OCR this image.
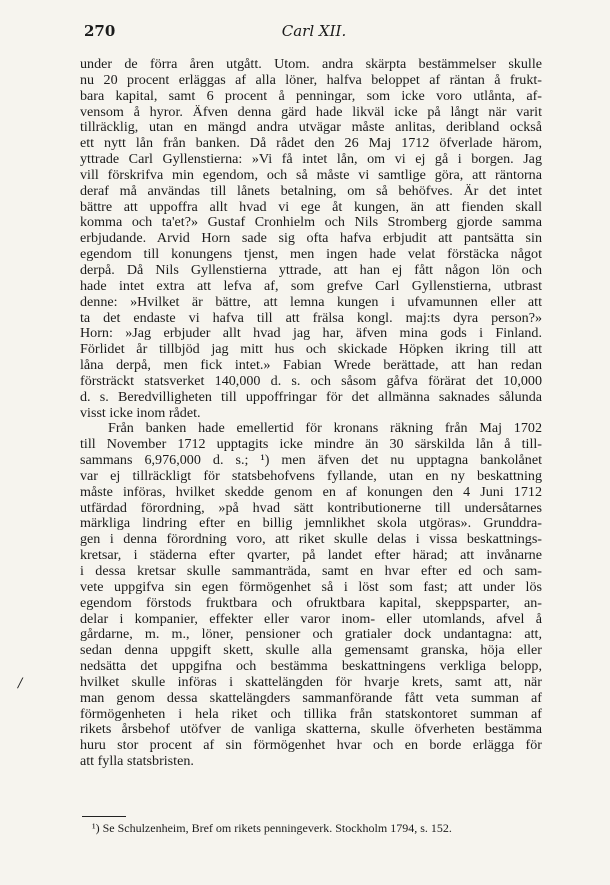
270	Carl XII.
/
under de förra åren utgått. Utom. andra skärpta bestämmelser skulle
nu 20 procent erläggas af alla löner, halfva beloppet af räntan å frukt-
bara kapital, samt 6 procent å penningar, som icke voro utlånta, af-
vensom å hyror. Äfven denna gärd hade likväl icke på långt när varit
tillräcklig, utan en mängd andra utvägar måste anlitas, deribland också
ett nytt lån från banken. Då rådet den 26 Maj 1712 öfverlade härom,
yttrade Carl Gyllenstierna: »Vi få intet lån, om vi ej gå i borgen. Jag
vill förskrifva min egendom, och så måste vi samtlige göra, att räntorna
deraf må användas till lånets betalning, om så behöfves. Är det intet
bättre att uppoffra allt hvad vi ege åt kungen, än att fienden skall
komma och ta'et?» Gustaf Cronhielm och Nils Stromberg gjorde samma
erbjudande. Arvid Horn sade sig ofta hafva erbjudit att pantsätta sin
egendom till konungens tjenst, men ingen hade velat förstäcka något
derpå. Då Nils Gyllenstierna yttrade, att han ej fått någon lön och
hade intet extra att lefva af, som grefve Carl Gyllenstierna, utbrast
denne: »Hvilket är bättre, att lemna kungen i ufvamunnen eller att
ta det endaste vi hafva till att frälsa kongl. maj:ts dyra person?»
Horn: »Jag erbjuder allt hvad jag har, äfven mina gods i Finland.
Förlidet år tillbjöd jag mitt hus och skickade Höpken ikring till att
låna derpå, men fick intet.» Fabian Wrede berättade, att han redan
försträckt statsverket 140,000 d. s. och såsom gåfva förärat det 10,000
d. s. Beredvilligheten till uppoffringar för det allmänna saknades sålunda
visst icke inom rådet.
Från banken hade emellertid för kronans räkning från Maj 1702
till November 1712 upptagits icke mindre än 30 särskilda lån å till-
sammans 6,976,000 d. s.; ¹) men äfven det nu upptagna bankolånet
var ej tillräckligt för statsbehofvens fyllande, utan en ny beskattning
måste införas, hvilket skedde genom en af konungen den 4 Juni 1712
utfärdad förordning, »på hvad sätt kontributionerne till undersåtarnes
märkliga lindring efter en billig jemnlikhet skola utgöras». Grunddra-
gen i denna förordning voro, att riket skulle delas i vissa beskattnings-
kretsar, i städerna efter qvarter, på landet efter härad; att invånarne
i dessa kretsar skulle sammanträda, samt en hvar efter ed och sam-
vete uppgifva sin egen förmögenhet så i löst som fast; att under lös
egendom förstods fruktbara och ofruktbara kapital, skeppsparter, an-
delar i kompanier, effekter eller varor inom- eller utomlands, afvel å
gårdarne, m. m., löner, pensioner och gratialer dock undantagna: att,
sedan denna uppgift skett, skulle alla gemensamt granska, höja eller
nedsätta det uppgifna och bestämma beskattningens verkliga belopp,
hvilket skulle införas i skattelängden för hvarje krets, samt att, när
man genom dessa skattelängders sammanförande fått veta summan af
förmögenheten i hela riket och tillika från statskontoret summan af
rikets årsbehof utöfver de vanliga skatterna, skulle öfverheten bestämma
huru stor procent af sin förmögenhet hvar och en borde erlägga för
att fylla statsbristen.
¹) Se Schulzenheim, Bref om rikets penningeverk. Stockholm 1794, s. 152.
